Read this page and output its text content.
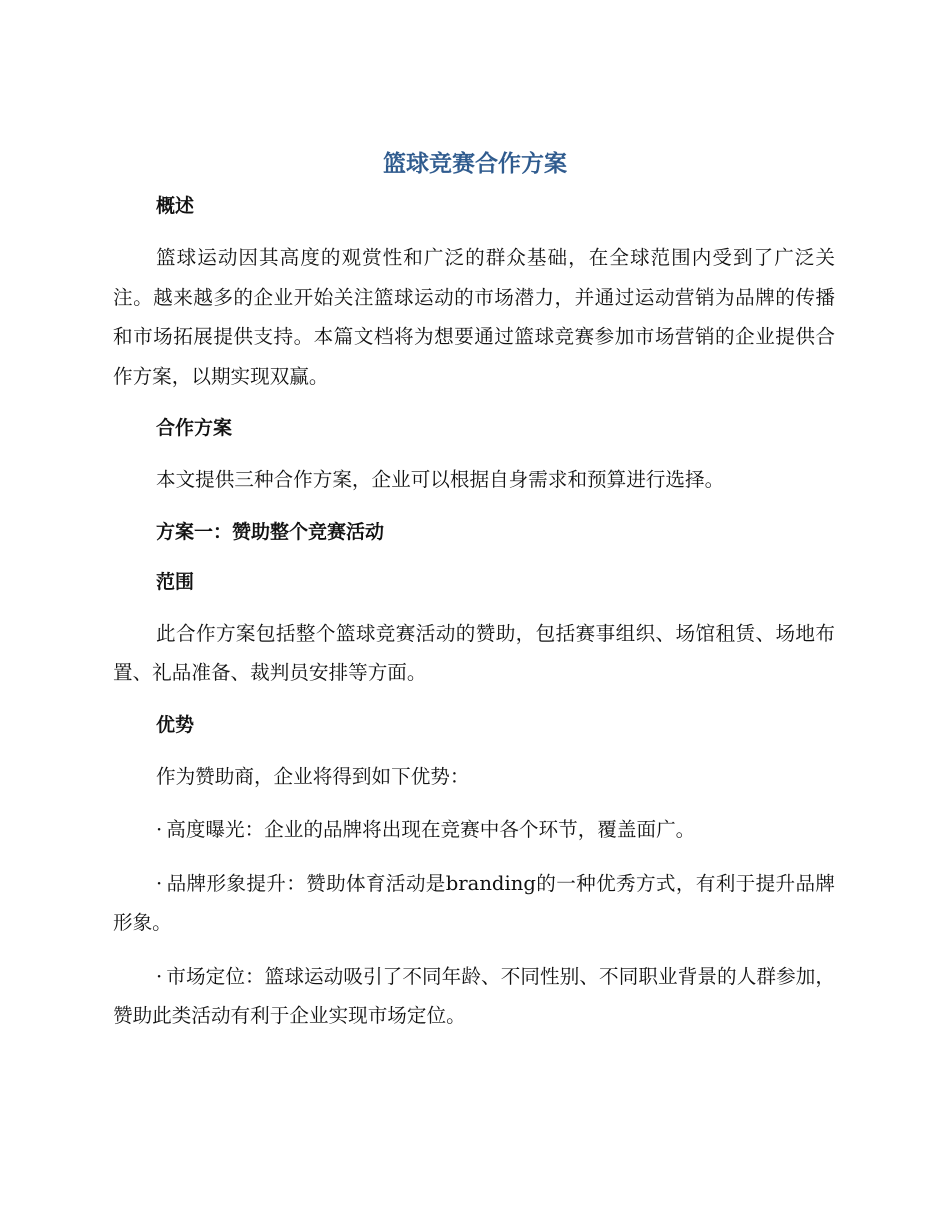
篮球竞赛合作方案
概述

篮球运动因其高度的观赏性和广泛的群众基础，在全球范围内受到了广泛关注。越来越多的企业开始关注篮球运动的市场潜力，并通过运动营销为品牌的传播和市场拓展提供支持。本篇文档将为想要通过篮球竞赛参加市场营销的企业提供合作方案，以期实现双赢。

合作方案

本文提供三种合作方案，企业可以根据自身需求和预算进行选择。

方案一：赞助整个竞赛活动
范围

此合作方案包括整个篮球竞赛活动的赞助，包括赛事组织、场馆租赁、场地布置、礼品准备、裁判员安排等方面。

优势

作为赞助商，企业将得到如下优势：

· 高度曝光：企业的品牌将出现在竞赛中各个环节，覆盖面广。

· 品牌形象提升：赞助体育活动是branding的一种优秀方式，有利于提升品牌形象。

· 市场定位：篮球运动吸引了不同年龄、不同性别、不同职业背景的人群参加，赞助此类活动有利于企业实现市场定位。
